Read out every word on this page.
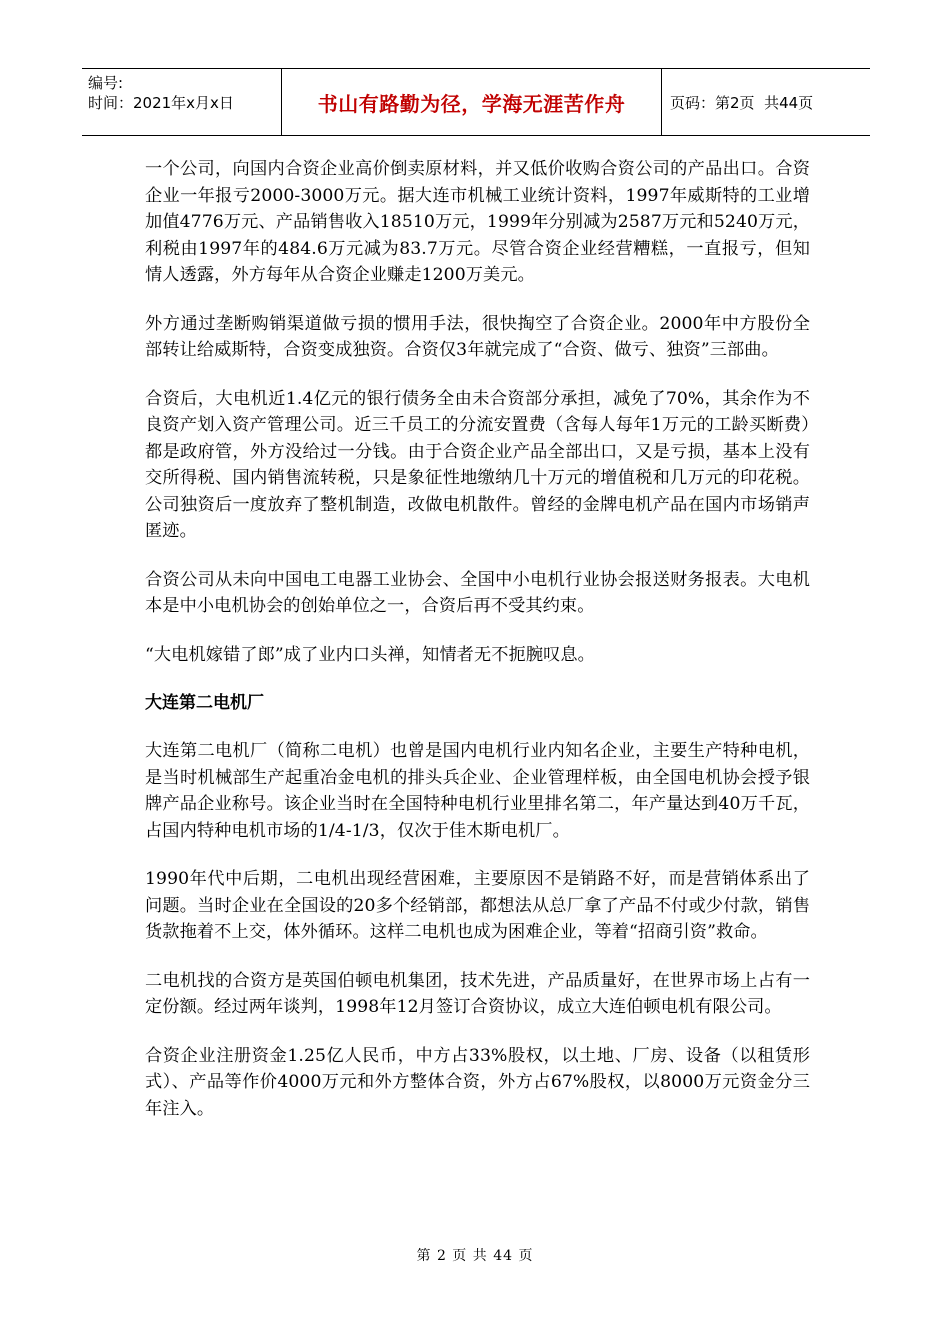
编号:
时间：2021年x月x日	书山有路勤为径，学海无涯苦作舟	页码：第2页  共44页

一个公司，向国内合资企业高价倒卖原材料，并又低价收购合资公司的产品出口。合资企业一年报亏2000-3000万元。据大连市机械工业统计资料，1997年威斯特的工业增加值4776万元、产品销售收入18510万元，1999年分别减为2587万元和5240万元，利税由1997年的484.6万元减为83.7万元。尽管合资企业经营糟糕，一直报亏，但知情人透露，外方每年从合资企业赚走1200万美元。

外方通过垄断购销渠道做亏损的惯用手法，很快掏空了合资企业。2000年中方股份全部转让给威斯特，合资变成独资。合资仅3年就完成了“合资、做亏、独资”三部曲。

合资后，大电机近1.4亿元的银行债务全由未合资部分承担，减免了70%，其余作为不良资产划入资产管理公司。近三千员工的分流安置费（含每人每年1万元的工龄买断费）都是政府管，外方没给过一分钱。由于合资企业产品全部出口，又是亏损，基本上没有交所得税、国内销售流转税，只是象征性地缴纳几十万元的增值税和几万元的印花税。公司独资后一度放弃了整机制造，改做电机散件。曾经的金牌电机产品在国内市场销声匿迹。

合资公司从未向中国电工电器工业协会、全国中小电机行业协会报送财务报表。大电机本是中小电机协会的创始单位之一，合资后再不受其约束。

“大电机嫁错了郎”成了业内口头禅，知情者无不扼腕叹息。

大连第二电机厂

大连第二电机厂（简称二电机）也曾是国内电机行业内知名企业，主要生产特种电机，是当时机械部生产起重冶金电机的排头兵企业、企业管理样板，由全国电机协会授予银牌产品企业称号。该企业当时在全国特种电机行业里排名第二，年产量达到40万千瓦，占国内特种电机市场的1/4-1/3，仅次于佳木斯电机厂。

1990年代中后期，二电机出现经营困难，主要原因不是销路不好，而是营销体系出了问题。当时企业在全国设的20多个经销部，都想法从总厂拿了产品不付或少付款，销售货款拖着不上交，体外循环。这样二电机也成为困难企业，等着“招商引资”救命。

二电机找的合资方是英国伯顿电机集团，技术先进，产品质量好，在世界市场上占有一定份额。经过两年谈判，1998年12月签订合资协议，成立大连伯顿电机有限公司。

合资企业注册资金1.25亿人民币，中方占33%股权，以土地、厂房、设备（以租赁形式）、产品等作价4000万元和外方整体合资，外方占67%股权，以8000万元资金分三年注入。

第 2 页 共 44 页
